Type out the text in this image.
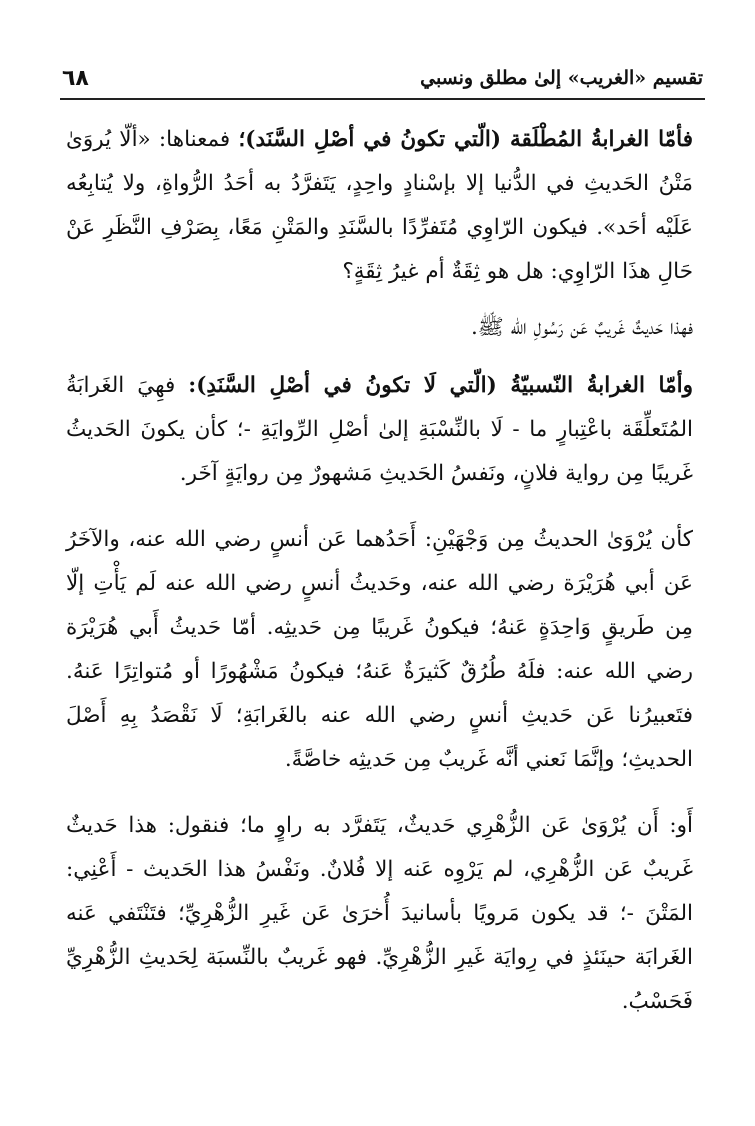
تقسيم «الغريب» إلىٰ مطلق ونسبي
٦٨

فأمّا الغرابةُ المُطْلَقة (الّتي تكونُ في أصْلِ السَّنَد)؛ فمعناها: «ألّا يُروَىٰ مَتْنُ الحَديثِ في الدُّنيا إلا بإسْنادٍ واحِدٍ، يَتَفرَّدُ به أحَدُ الرُّواةِ، ولا يُتابِعُه عَلَيْه أحَد». فيكون الرّاوِي مُتَفرِّدًا بالسَّنَدِ والمَتْنِ مَعًا، بِصَرْفِ النَّظَرِ عَنْ حَالِ هذَا الرّاوِي: هل هو ثِقَةٌ أم غيرُ ثِقَةٍ؟

فهذا حَديثٌ غَريبٌ عَن رَسُولِ اللّه ﷺ.

وأمّا الغرابةُ النّسبيّةُ (الّتي لَا تكونُ في أصْلِ السَّنَدِ): فهِيَ الغَرابَةُ المُتَعلِّقَة باعْتِبارٍ ما - لَا بالنِّسْبَةِ إلىٰ أصْلِ الرِّوايَةِ -؛ كأن يكونَ الحَديثُ غَريبًا مِن رواية فلانٍ، ونَفسُ الحَديثِ مَشهورٌ مِن روايَةٍ آخَر.

كأن يُرْوَىٰ الحديثُ مِن وَجْهَيْنِ: أَحَدُهما عَن أنسٍ رضي الله عنه، والآخَرُ عَن أبي هُرَيْرَة رضي الله عنه، وحَديثُ أنسٍ رضي الله عنه لَم يَأْتِ إلّا مِن طَريقٍ وَاحِدَةٍ عَنهُ؛ فيكونُ غَريبًا مِن حَديثِه. أمّا حَديثُ أَبي هُرَيْرَة رضي الله عنه: فلَهُ طُرُقٌ كَثيرَةٌ عَنهُ؛ فيكونُ مَشْهُورًا أو مُتواتِرًا عَنهُ. فتَعبيرُنا عَن حَديثِ أنسٍ رضي الله عنه بالغَرابَةِ؛ لَا نَقْصَدُ بِهِ أَصْلَ الحديثِ؛ وإنَّمَا نَعني أنَّه غَريبٌ مِن حَديثِه خاصَّةً.

أَو: أَن يُرْوَىٰ عَن الزُّهْرِي حَديثٌ، يَتَفرَّد به راوٍ ما؛ فنقول: هذا حَديثٌ غَريبٌ عَن الزُّهْرِي، لم يَرْوِه عَنه إلا فُلانٌ. ونَفْسُ هذا الحَديث - أَعْنِي: المَتْنَ -؛ قد يكون مَرويًا بأسانيدَ أُخرَىٰ عَن غَيرِ الزُّهْرِيِّ؛ فتَنْتَفي عَنه الغَرابَة حينَئذٍ في رِوايَة غَيرِ الزُّهْرِيِّ. فهو غَريبٌ بالنِّسبَة لِحَديثِ الزُّهْرِيِّ فَحَسْبُ.
